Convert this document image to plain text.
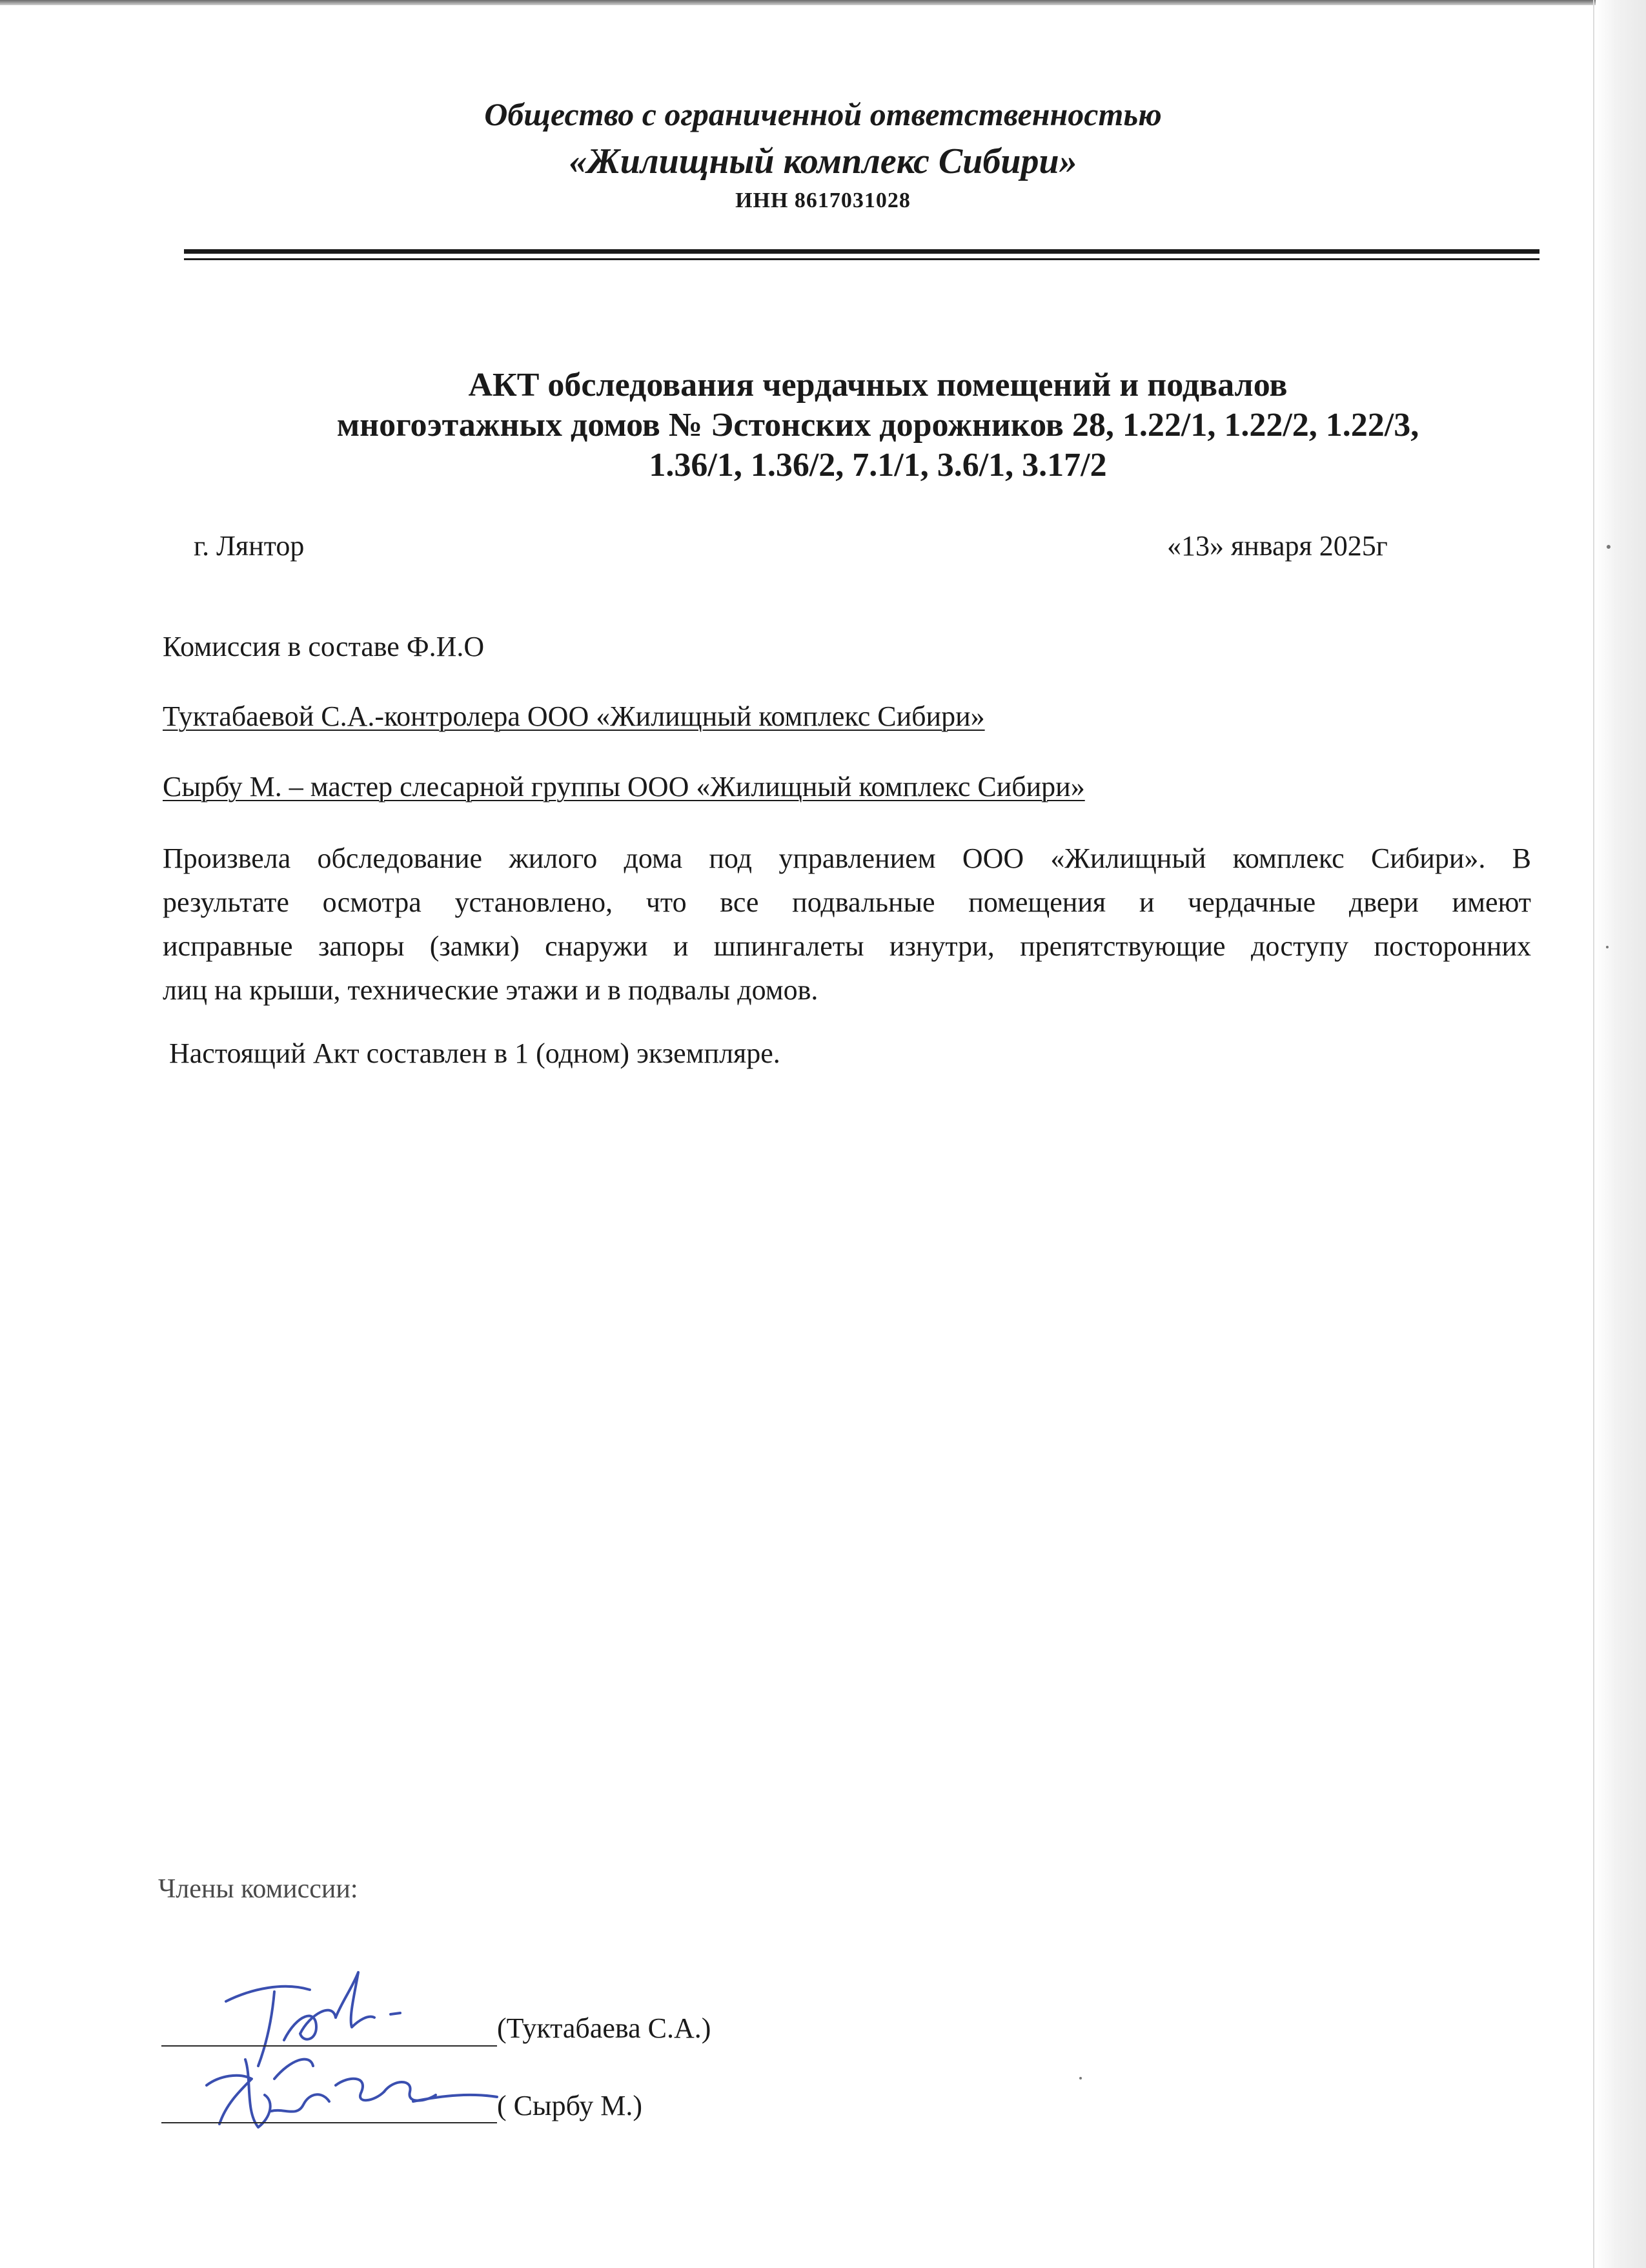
Общество с ограниченной ответственностью
«Жилищный комплекс Сибири»
ИНН 8617031028
АКТ обследования чердачных помещений и подвалов
многоэтажных домов № Эстонских дорожников 28, 1.22/1, 1.22/2, 1.22/3,
1.36/1, 1.36/2, 7.1/1, 3.6/1, 3.17/2
г. Лянтор	«13» января 2025г
Комиссия в составе Ф.И.О
Туктабаевой С.А.-контролера ООО «Жилищный комплекс Сибири»
Сырбу М. – мастер слесарной группы ООО «Жилищный комплекс Сибири»
Произвела обследование жилого дома под управлением ООО «Жилищный комплекс Сибири». В
результате осмотра установлено, что все подвальные помещения и чердачные двери имеют
исправные запоры (замки) снаружи и шпингалеты изнутри, препятствующие доступу посторонних
лиц на крыши, технические этажи и в подвалы домов.
Настоящий Акт составлен в 1 (одном) экземпляре.
Члены комиссии:
(Туктабаева С.А.)
( Сырбу М.)
